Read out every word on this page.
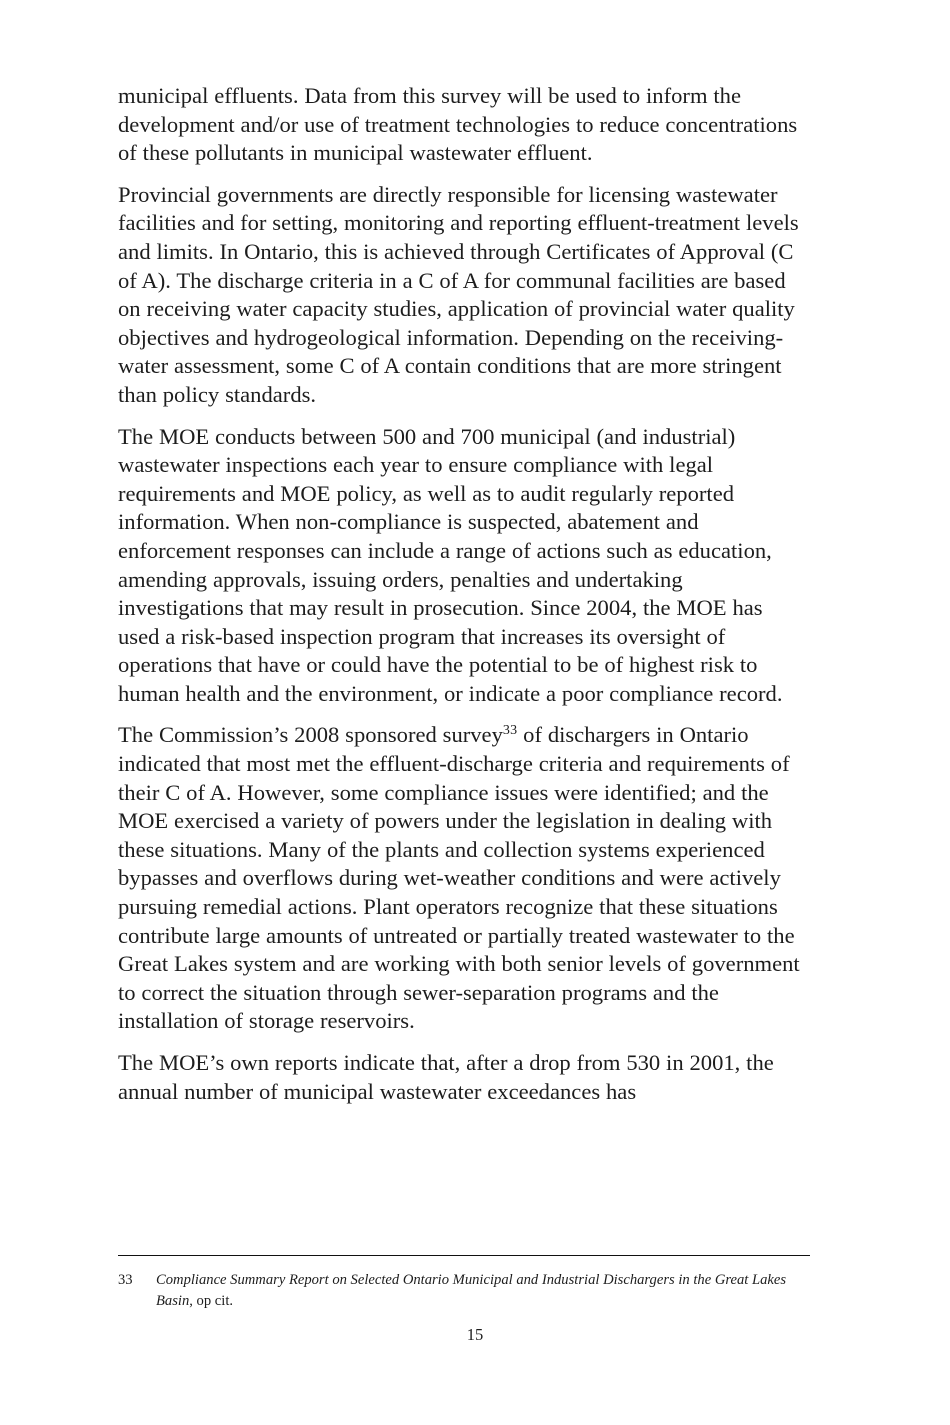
municipal effluents. Data from this survey will be used to inform the development and/or use of treatment technologies to reduce concentrations of these pollutants in municipal wastewater effluent.

Provincial governments are directly responsible for licensing wastewater facilities and for setting, monitoring and reporting effluent-treatment levels and limits. In Ontario, this is achieved through Certificates of Approval (C of A). The discharge criteria in a C of A for communal facilities are based on receiving water capacity studies, application of provincial water quality objectives and hydrogeological information. Depending on the receiving-water assessment, some C of A contain conditions that are more stringent than policy standards.

The MOE conducts between 500 and 700 municipal (and industrial) wastewater inspections each year to ensure compliance with legal requirements and MOE policy, as well as to audit regularly reported information. When non-compliance is suspected, abatement and enforcement responses can include a range of actions such as education, amending approvals, issuing orders, penalties and undertaking investigations that may result in prosecution. Since 2004, the MOE has used a risk-based inspection program that increases its oversight of operations that have or could have the potential to be of highest risk to human health and the environment, or indicate a poor compliance record.

The Commission’s 2008 sponsored survey$^{33}$ of dischargers in Ontario indicated that most met the effluent-discharge criteria and requirements of their C of A. However, some compliance issues were identified; and the MOE exercised a variety of powers under the legislation in dealing with these situations. Many of the plants and collection systems experienced bypasses and overflows during wet-weather conditions and were actively pursuing remedial actions. Plant operators recognize that these situations contribute large amounts of untreated or partially treated wastewater to the Great Lakes system and are working with both senior levels of government to correct the situation through sewer-separation programs and the installation of storage reservoirs.

The MOE’s own reports indicate that, after a drop from 530 in 2001, the annual number of municipal wastewater exceedances has

33 Compliance Summary Report on Selected Ontario Municipal and Industrial Dischargers in the Great Lakes Basin, op cit.
15
